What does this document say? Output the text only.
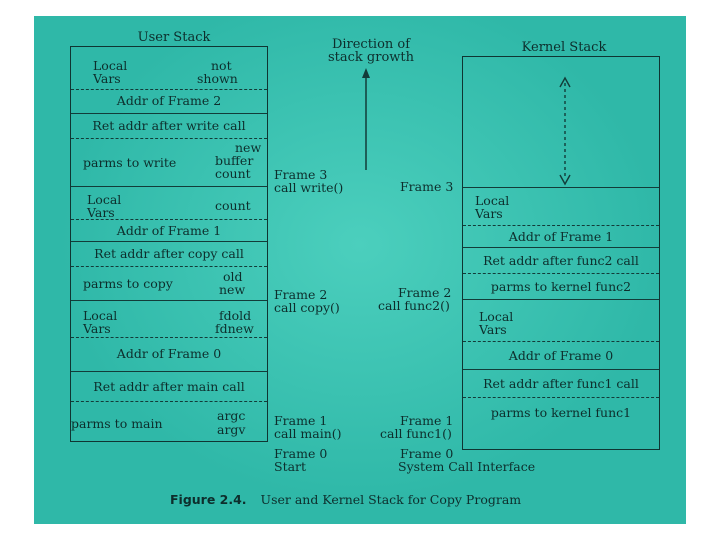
User Stack
Local
Vars
not
shown
Addr of Frame 2
Ret addr after write call
parms to write
new
buffer
count
Local
Vars	count
Addr of Frame 1
Ret addr after copy call
parms to copy	old
new
Local
Vars
fdold
fdnew
Addr of Frame 0
Ret addr after main call
parms to main
argc
argv
Direction of
stack growth
Frame 3
call write()
Frame 2
call copy()
Frame 1
call main()
Frame 0
Start
Frame 3
Frame 2
call func2()
Frame 1
call func1()
Frame 0
System Call Interface
Kernel Stack
Local
Vars
Addr of Frame 1
Ret addr after func2 call
parms to kernel func2
Local
Vars
Addr of Frame 0
Ret addr after func1 call
parms to kernel func1
Figure 2.4. User and Kernel Stack for Copy Program
